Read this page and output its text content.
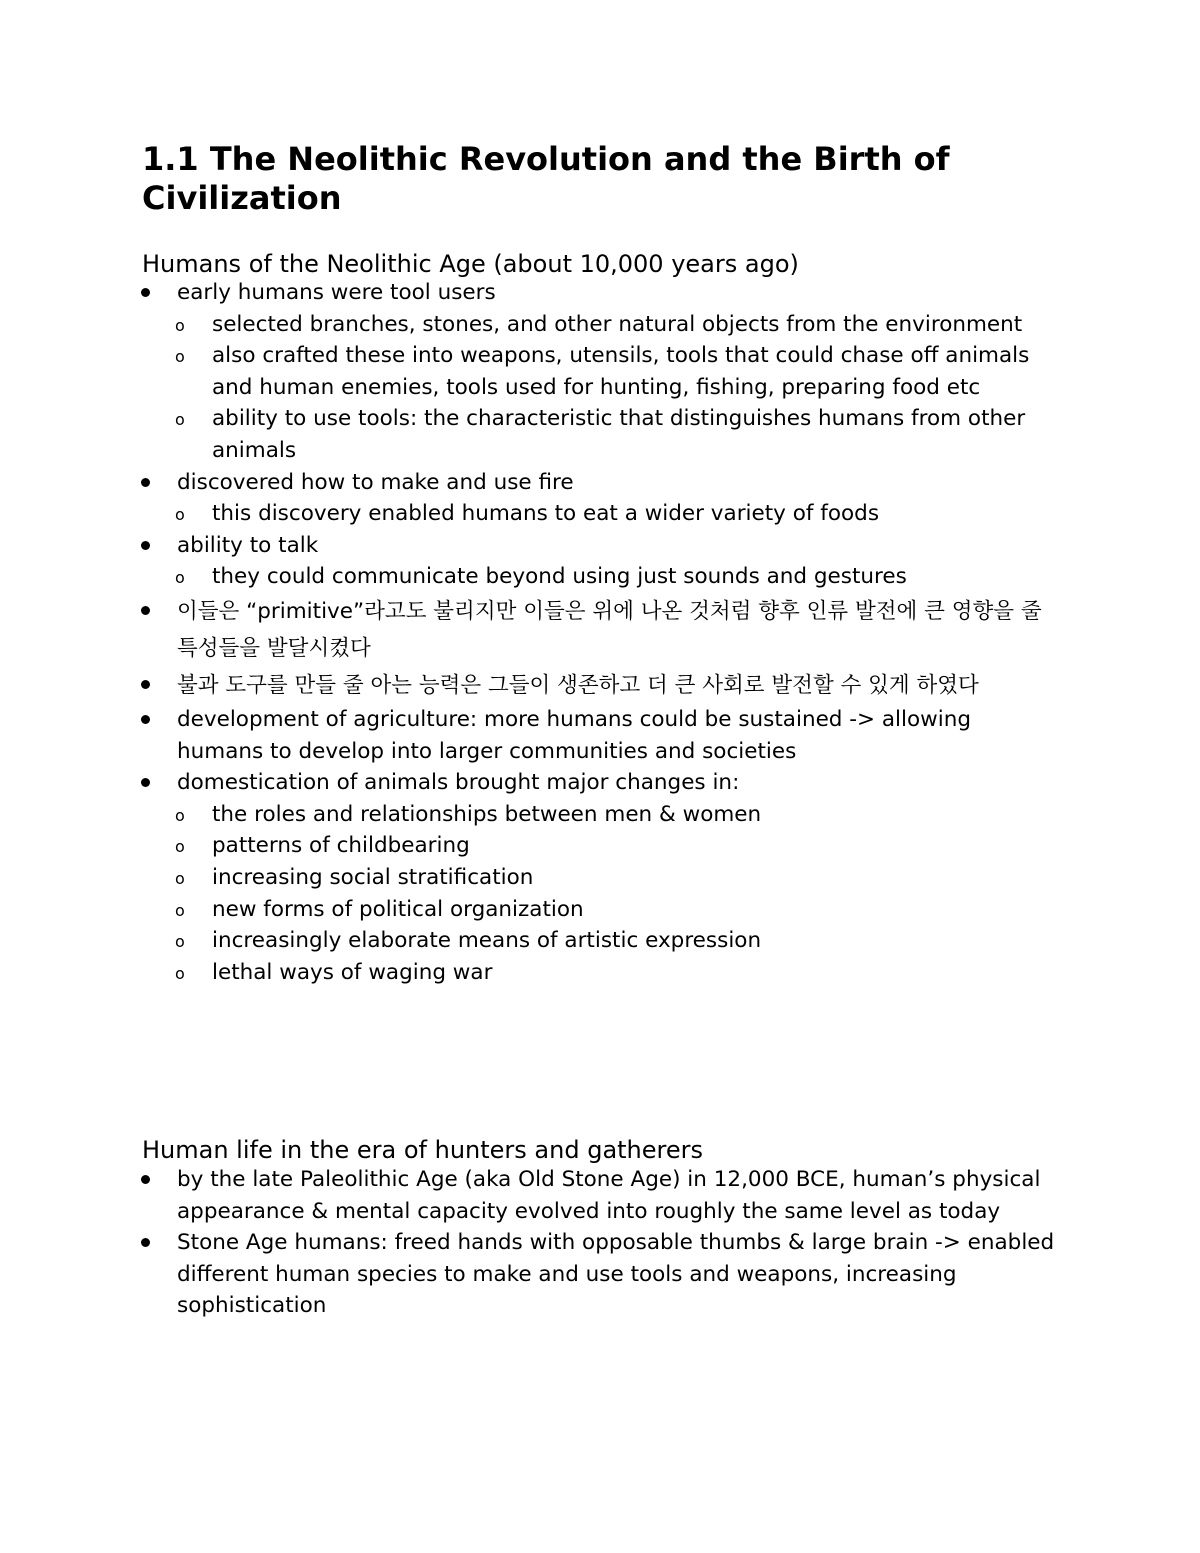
1.1 The Neolithic Revolution and the Birth of Civilization
Humans of the Neolithic Age (about 10,000 years ago)
early humans were tool users
o selected branches, stones, and other natural objects from the environment
o also crafted these into weapons, utensils, tools that could chase off animals and human enemies, tools used for hunting, fishing, preparing food etc
o ability to use tools: the characteristic that distinguishes humans from other animals
discovered how to make and use fire
o this discovery enabled humans to eat a wider variety of foods
ability to talk
o they could communicate beyond using just sounds and gestures
이들은 “primitive”라고도 불리지만 이들은 위에 나온 것처럼 향후 인류 발전에 큰 영향을 줄 특성들을 발달시켰다
불과 도구를 만들 줄 아는 능력은 그들이 생존하고 더 큰 사회로 발전할 수 있게 하였다
development of agriculture: more humans could be sustained -> allowing humans to develop into larger communities and societies
domestication of animals brought major changes in:
o the roles and relationships between men & women
o patterns of childbearing
o increasing social stratification
o new forms of political organization
o increasingly elaborate means of artistic expression
o lethal ways of waging war
Human life in the era of hunters and gatherers
by the late Paleolithic Age (aka Old Stone Age) in 12,000 BCE, human’s physical appearance & mental capacity evolved into roughly the same level as today
Stone Age humans: freed hands with opposable thumbs & large brain -> enabled different human species to make and use tools and weapons, increasing sophistication
